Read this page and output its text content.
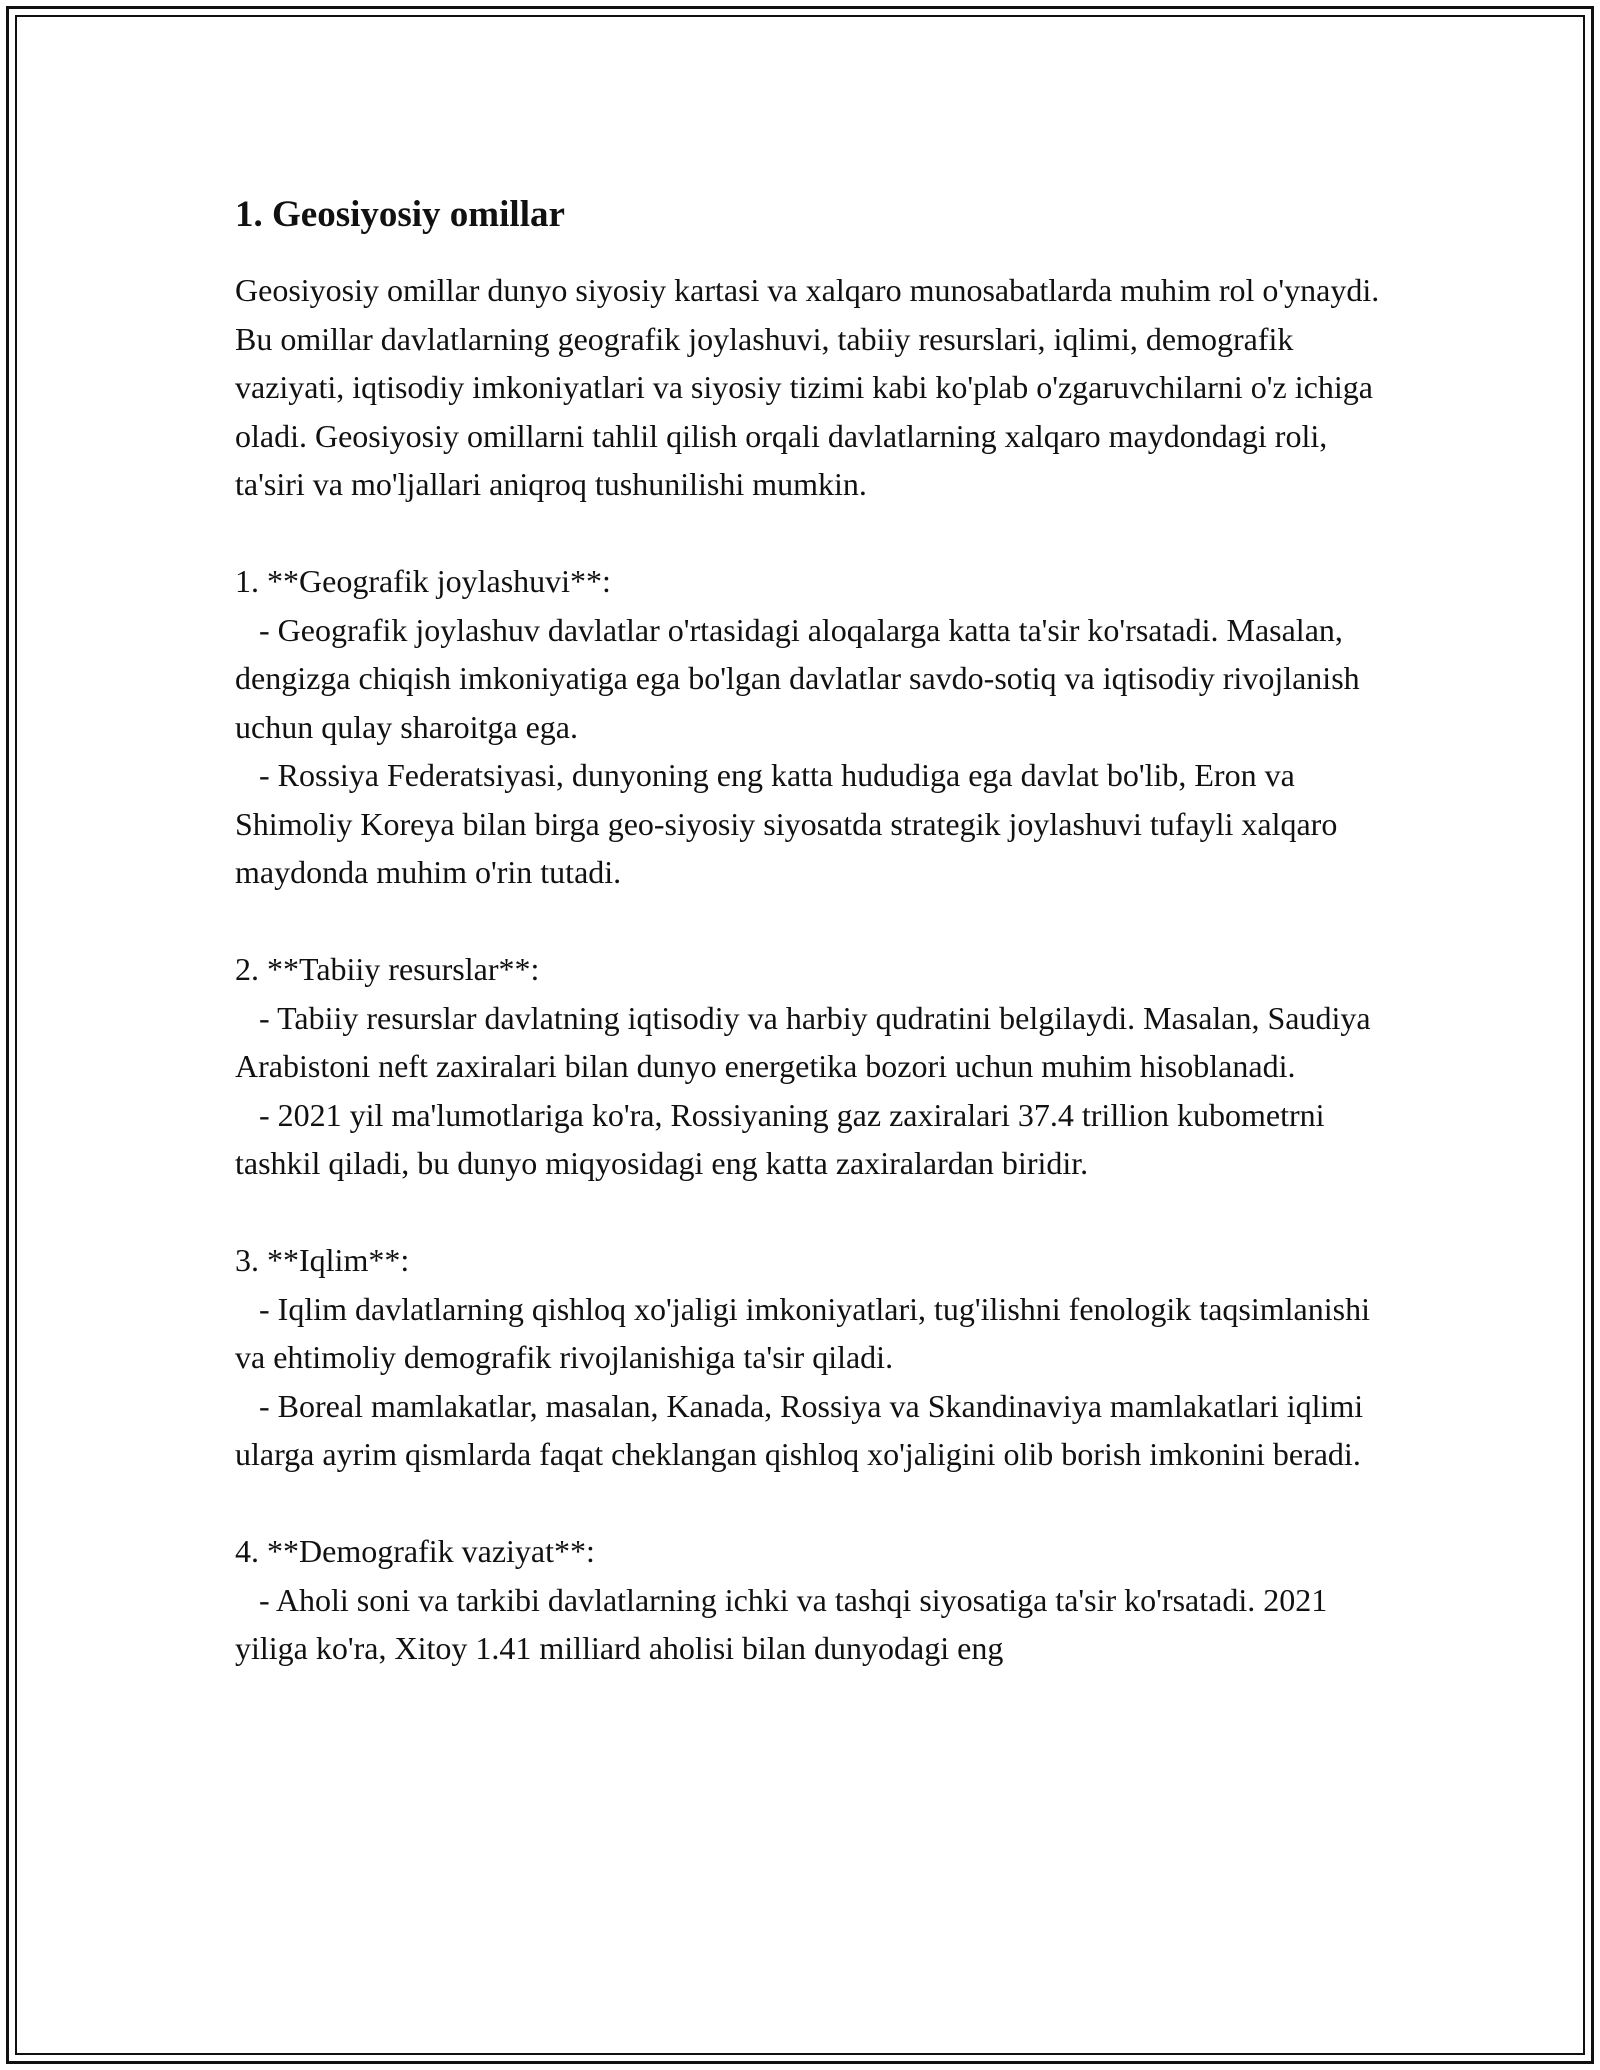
1. Geosiyosiy omillar

Geosiyosiy omillar dunyo siyosiy kartasi va xalqaro munosabatlarda muhim rol o'ynaydi. Bu omillar davlatlarning geografik joylashuvi, tabiiy resurslari, iqlimi, demografik vaziyati, iqtisodiy imkoniyatlari va siyosiy tizimi kabi ko'plab o'zgaruvchilarni o'z ichiga oladi. Geosiyosiy omillarni tahlil qilish orqali davlatlarning xalqaro maydondagi roli, ta'siri va mo'ljallari aniqroq tushunilishi mumkin.

1. **Geografik joylashuvi**:
- Geografik joylashuv davlatlar o'rtasidagi aloqalarga katta ta'sir ko'rsatadi. Masalan, dengizga chiqish imkoniyatiga ega bo'lgan davlatlar savdo-sotiq va iqtisodiy rivojlanish uchun qulay sharoitga ega.
- Rossiya Federatsiyasi, dunyoning eng katta hududiga ega davlat bo'lib, Eron va Shimoliy Koreya bilan birga geo-siyosiy siyosatda strategik joylashuvi tufayli xalqaro maydonda muhim o'rin tutadi.

2. **Tabiiy resurslar**:
- Tabiiy resurslar davlatning iqtisodiy va harbiy qudratini belgilaydi. Masalan, Saudiya Arabistoni neft zaxiralari bilan dunyo energetika bozori uchun muhim hisoblanadi.
- 2021 yil ma'lumotlariga ko'ra, Rossiyaning gaz zaxiralari 37.4 trillion kubometrni tashkil qiladi, bu dunyo miqyosidagi eng katta zaxiralardan biridir.

3. **Iqlim**:
- Iqlim davlatlarning qishloq xo'jaligi imkoniyatlari, tug'ilishni fenologik taqsimlanishi va ehtimoliy demografik rivojlanishiga ta'sir qiladi.
- Boreal mamlakatlar, masalan, Kanada, Rossiya va Skandinaviya mamlakatlari iqlimi ularga ayrim qismlarda faqat cheklangan qishloq xo'jaligini olib borish imkonini beradi.

4. **Demografik vaziyat**:
- Aholi soni va tarkibi davlatlarning ichki va tashqi siyosatiga ta'sir ko'rsatadi. 2021 yiliga ko'ra, Xitoy 1.41 milliard aholisi bilan dunyodagi eng
